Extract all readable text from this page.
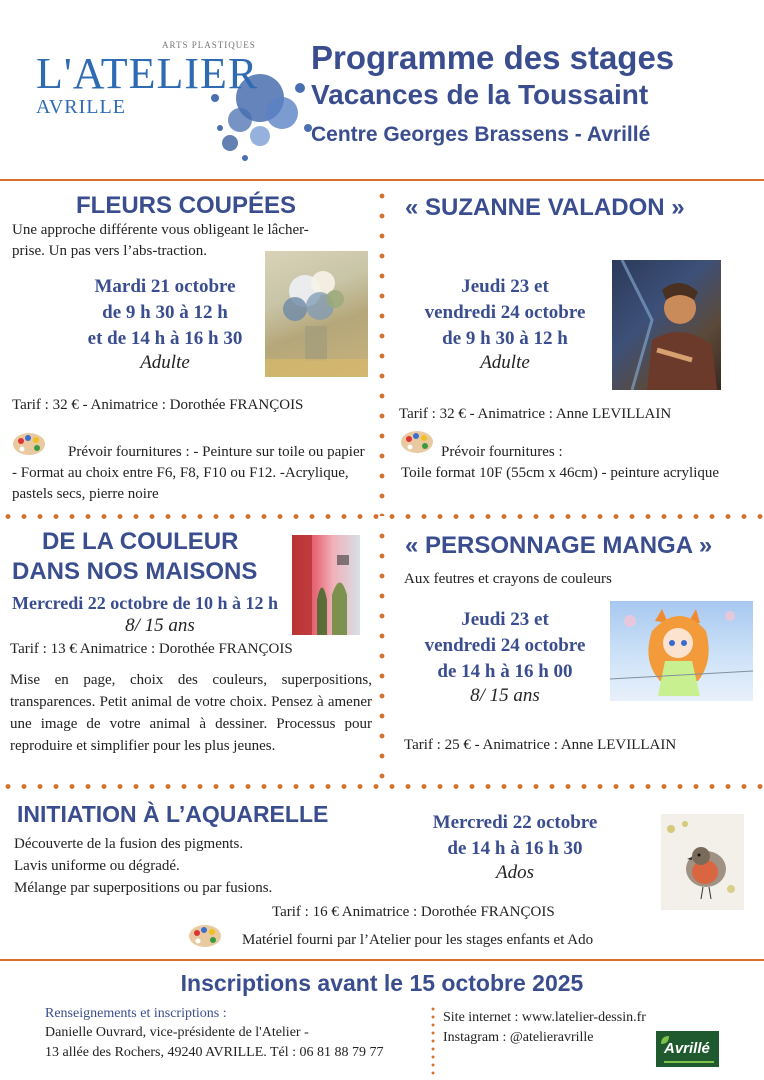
ARTS PLASTIQUES
L'ATELIER
AVRILLE
Programme des stages
Vacances de la Toussaint
Centre Georges Brassens - Avrillé
FLEURS COUPÉES
Une approche différente vous obligeant le lâcher-prise. Un pas vers l’abs-traction.
Mardi 21 octobre
de 9 h 30 à 12 h
et de 14 h à 16 h 30
Adulte
Tarif : 32 € - Animatrice : Dorothée FRANÇOIS
Prévoir fournitures : - Peinture sur toile ou papier - Format au choix entre F6, F8, F10 ou F12. -Acrylique, pastels secs, pierre noire
« SUZANNE VALADON »
Jeudi 23 et
vendredi 24 octobre
de 9 h 30 à 12 h
Adulte
Tarif : 32 € - Animatrice : Anne LEVILLAIN
Prévoir fournitures :
Toile format 10F (55cm x 46cm) - peinture acrylique
DE LA COULEUR
DANS NOS MAISONS
Mercredi 22 octobre de 10 h à 12 h
8/ 15 ans
Tarif : 13 € Animatrice : Dorothée FRANÇOIS
Mise en page, choix des couleurs, superpositions, transparences. Petit animal de votre choix. Pensez à amener une image de votre animal à dessiner. Processus pour reproduire et simplifier pour les plus jeunes.
« PERSONNAGE MANGA »
Aux feutres et crayons de couleurs
Jeudi 23 et
vendredi 24 octobre
de 14 h à 16 h 00
8/ 15 ans
Tarif : 25 € - Animatrice : Anne LEVILLAIN
INITIATION À L’AQUARELLE
Découverte de la fusion des pigments.
Lavis uniforme ou dégradé.
Mélange par superpositions ou par fusions.
Mercredi 22 octobre
de 14 h à 16 h 30
Ados
Tarif : 16 € Animatrice : Dorothée FRANÇOIS
Matériel fourni par l’Atelier pour les stages enfants et Ado
Inscriptions avant le 15 octobre 2025
Renseignements et inscriptions :
Danielle Ouvrard, vice-présidente de l'Atelier -
13 allée des Rochers, 49240 AVRILLE. Tél : 06 81 88 79 77
Site internet : www.latelier-dessin.fr
Instagram : @atelieravrille
Avrillé
